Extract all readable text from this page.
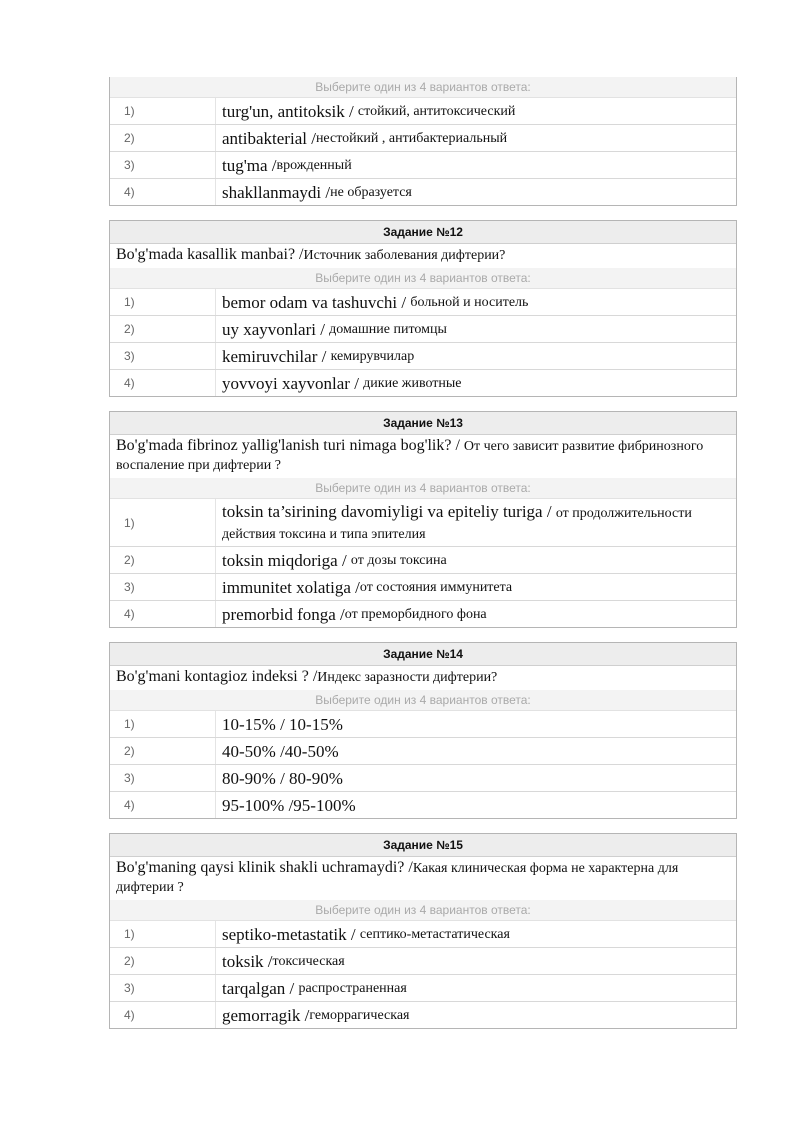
Выберите один из 4 вариантов ответа:
1)	turg'un, antitoksik /
стойкий, антитоксический
2)	antibakterial / нестойкий , антибактериальный
3)	tug'ma / врожденный
4)	shakllanmaydi / не образуется
Задание №12
Bo'g'mada kasallik manbai? /Источник заболевания дифтерии?
Выберите один из 4 вариантов ответа:
1)	bemor odam va tashuvchi /
больной и носитель
2)	uy xayvonlari /
домашние питомцы
3)	kemiruvchilar /
кемирувчилар
4)	yovvoyi xayvonlar /
дикие животные
Задание №13
Bo'g'mada fibrinoz yallig'lanish turi nimaga bog'lik? / От чего зависит развитие фибринозного воспаление при дифтерии ?
Выберите один из 4 вариантов ответа:
1)
toksin ta’sirining davomiyligi va epiteliy turiga / от продолжительности действия токсина и типа эпителия
2)	toksin miqdoriga /
от дозы токсина
3)	immunitet xolatiga / от состояния иммунитета
4)	premorbid fonga / от преморбидного фона
Задание №14
Bo'g'mani kontagioz indeksi ? /Индекс заразности дифтерии?
Выберите один из 4 вариантов ответа:
1)	10-15% / 10-15%
2)	40-50% /40-50%
3)	80-90% / 80-90%
4)	95-100% /95-100%
Задание №15
Bo'g'maning qaysi klinik shakli uchramaydi? /Какая клиническая форма не характерна для дифтерии ?
Выберите один из 4 вариантов ответа:
1)	septiko-metastatik /
септико-метастатическая
2)	toksik / токсическая
3)	tarqalgan /
распространенная
4)	gemorragik / геморрагическая
